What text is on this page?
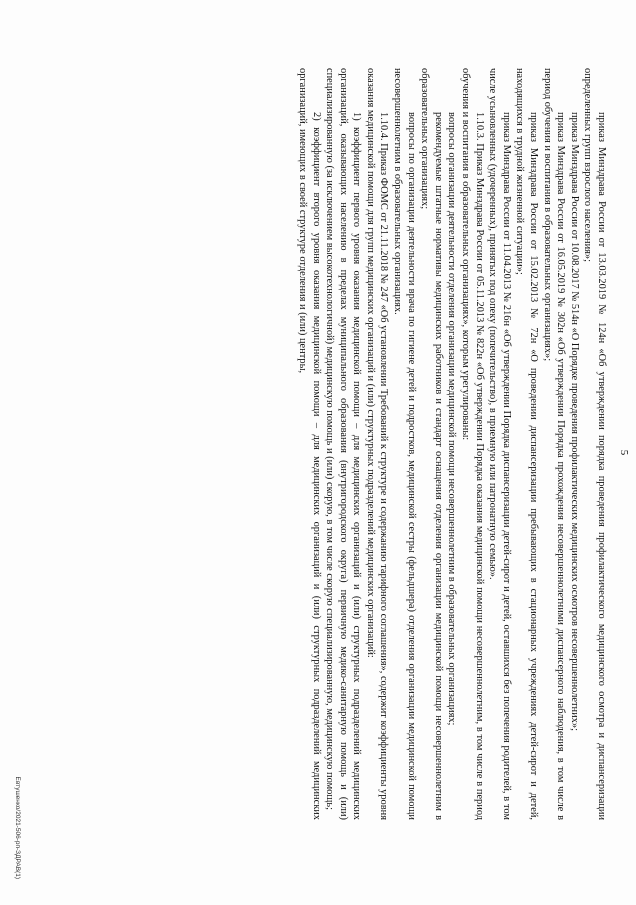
5

приказ Минздрава России от 13.03.2019 № 124н «Об утверждении порядка проведения профилактического медицинского осмотра и диспансеризации определенных групп взрослого населения»;

приказ Минздрава России от 10.08.2017 № 514н «О Порядке проведения профилактических медицинских осмотров несовершеннолетних»;

приказ Минздрава России от 16.05.2019 № 302н «Об утверждении Порядка прохождения несовершеннолетними диспансерного наблюдения, в том числе в период обучения и воспитания в образовательных организациях»;

приказ Минздрава России от 15.02.2013 № 72н «О проведении диспансеризации пребывающих в стационарных учреждениях детей-сирот и детей, находящихся в трудной жизненной ситуации»;

приказ Минздрава России от 11.04.2013 № 216н «Об утверждении Порядка диспансеризации детей-сирот и детей, оставшихся без попечения родителей, в том числе усыновленных (удочеренных), принятых под опеку (попечительство), в приемную или патронатную семью».

1.10.3. Приказ Минздрава России от 05.11.2013 № 822н «Об утверждении Порядка оказания медицинской помощи несовершеннолетним, в том числе в период обучения и воспитания в образовательных организациях», которым урегулированы:

вопросы организации деятельности отделения организации медицинской помощи несовершеннолетним в образовательных организациях;

рекомендуемые штатные нормативы медицинских работников и стандарт оснащения отделения организации медицинской помощи несовершеннолетним в образовательных организациях;

вопросы по организации деятельности врача по гигиене детей и подростков, медицинской сестры (фельдшера) отделения организации медицинской помощи несовершеннолетним в образовательных организациях.

1.10.4. Приказ ФОМС от 21.11.2018 № 247 «Об установлении Требований к структуре и содержанию тарифного соглашения», содержит коэффициенты уровня оказания медицинской помощи для групп медицинских организаций и (или) структурных подразделений медицинских организаций:

1) коэффициент первого уровня оказания медицинской помощи – для медицинских организаций и (или) структурных подразделений медицинских организаций, оказывающих населению в пределах муниципального образования (внутригородского округа) первичную медико-санитарную помощь и (или) специализированную (за исключением высокотехнологичной) медицинскую помощь и (или) скорую, в том числе скорую специализированную, медицинскую помощь;

2) коэффициент второго уровня оказания медицинской помощи – для медицинских организаций и (или) структурных подразделений медицинских организаций, имеющих в своей структуре отделения и (или) центры,

Евтушенко/2021-506-рп-ЗДРАВ(1)
